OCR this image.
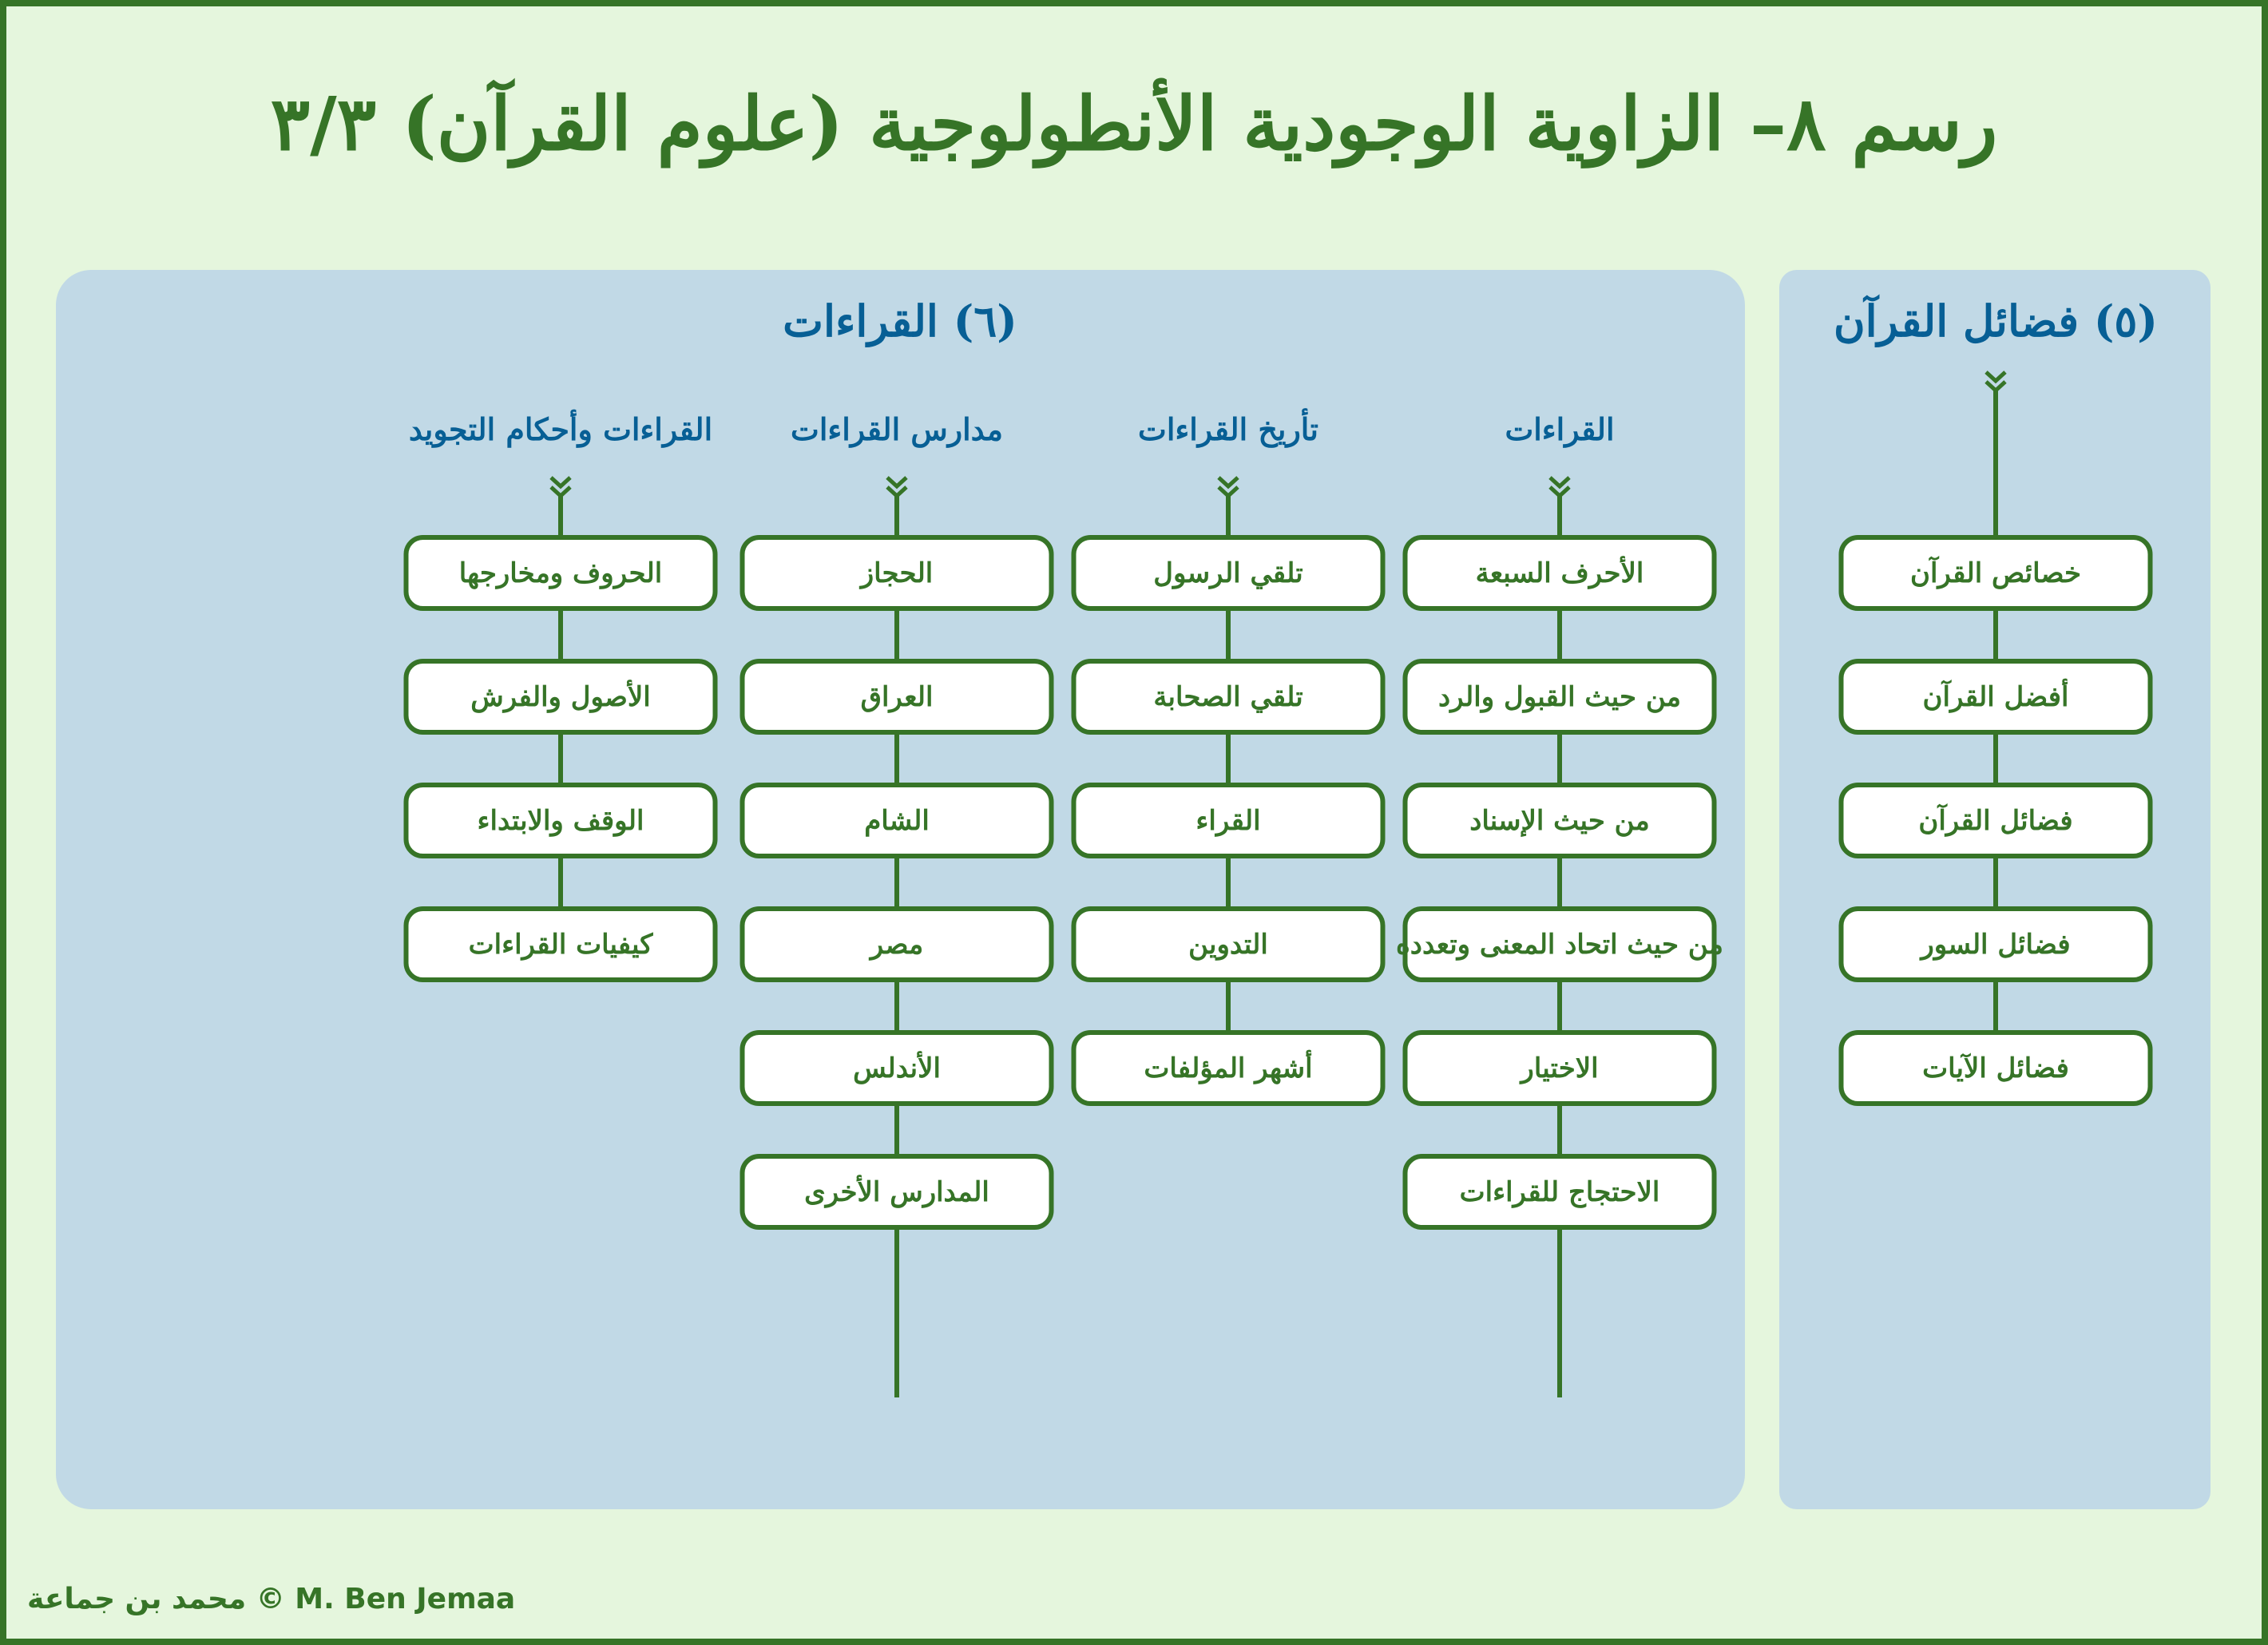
رسم ٨– الزاوية الوجودية الأنطولوجية (علوم القرآن) ٣/٣
(٦) القراءات	(٥) فضائل القرآن
القراءات
تأريخ القراءات
مدارس القراءات
القراءات وأحكام التجويد
الأحرف السبعة
من حيث القبول والرد
من حيث الإسناد
من حيث اتحاد المعنى وتعدده
الاختيار
الاحتجاج للقراءات
تلقي الرسول
تلقي الصحابة
القراء
التدوين
أشهر المؤلفات
الحجاز
العراق
الشام
مصر
الأندلس
المدارس الأخرى
الحروف ومخارجها
الأصول والفرش
الوقف والابتداء
كيفيات القراءات
خصائص القرآن
أفضل القرآن
فضائل القرآن
فضائل السور
فضائل الآيات
محمد بن جماعة © M. Ben Jemaa
